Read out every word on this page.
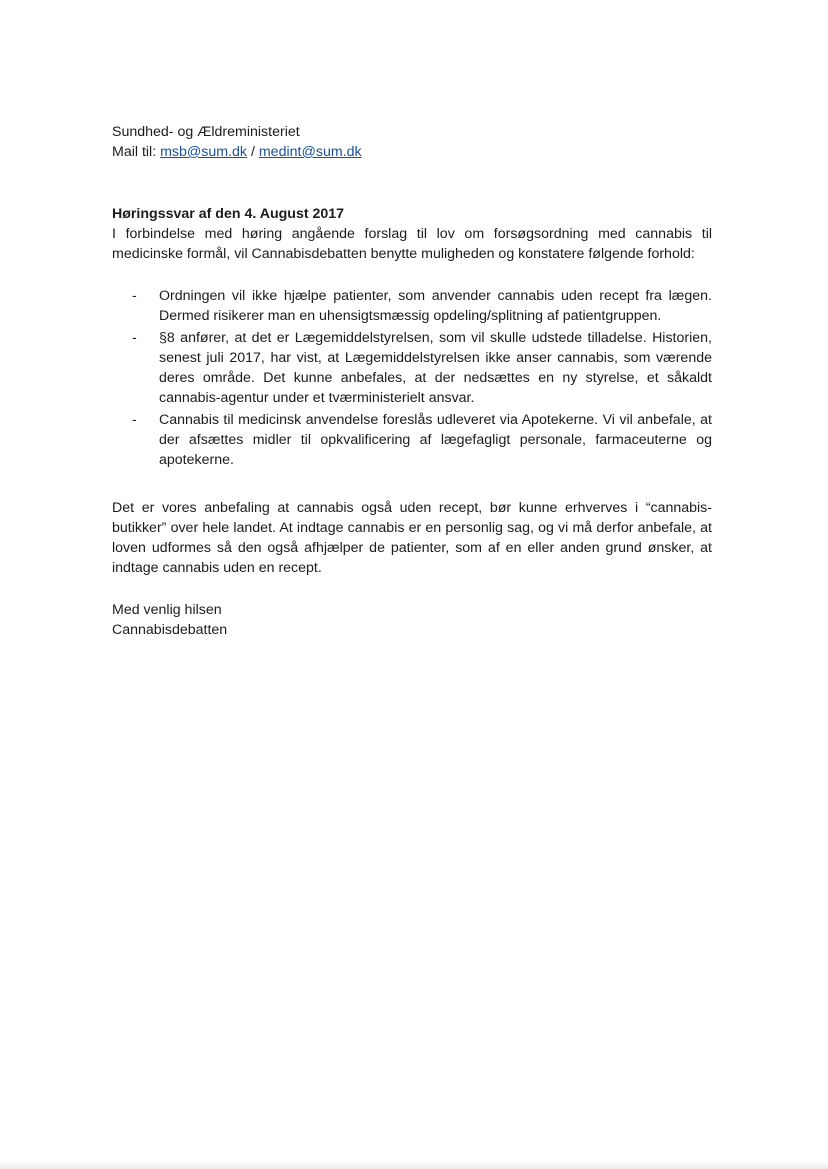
Sundhed- og Ældreministeriet
Mail til: msb@sum.dk / medint@sum.dk
Høringssvar af den 4. August 2017
I forbindelse med høring angående forslag til lov om forsøgsordning med cannabis til medicinske formål, vil Cannabisdebatten benytte muligheden og konstatere følgende forhold:
- Ordningen vil ikke hjælpe patienter, som anvender cannabis uden recept fra lægen. Dermed risikerer man en uhensigtsmæssig opdeling/splitning af patientgruppen.
- §8 anfører, at det er Lægemiddelstyrelsen, som vil skulle udstede tilladelse. Historien, senest juli 2017, har vist, at Lægemiddelstyrelsen ikke anser cannabis, som værende deres område. Det kunne anbefales, at der nedsættes en ny styrelse, et såkaldt cannabis-agentur under et tværministerielt ansvar.
- Cannabis til medicinsk anvendelse foreslås udleveret via Apotekerne. Vi vil anbefale, at der afsættes midler til opkvalificering af lægefagligt personale, farmaceuterne og apotekerne.
Det er vores anbefaling at cannabis også uden recept, bør kunne erhverves i “cannabis-butikker” over hele landet. At indtage cannabis er en personlig sag, og vi må derfor anbefale, at loven udformes så den også afhjælper de patienter, som af en eller anden grund ønsker, at indtage cannabis uden en recept.
Med venlig hilsen
Cannabisdebatten
